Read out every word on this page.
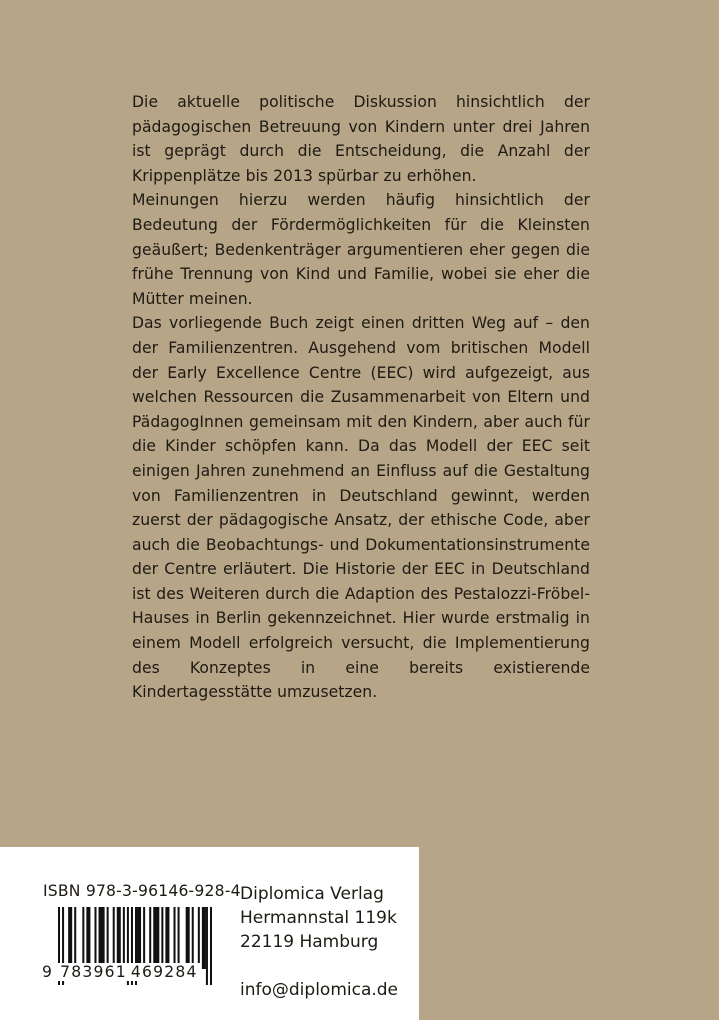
Die aktuelle politische Diskussion hinsichtlich der pädagogischen Betreuung von Kindern unter drei Jahren ist geprägt durch die Entscheidung, die Anzahl der Krippenplätze bis 2013 spürbar zu erhöhen.

Meinungen hierzu werden häufig hinsichtlich der Bedeutung der Fördermöglichkeiten für die Kleinsten geäußert; Bedenkenträger argumentieren eher gegen die frühe Trennung von Kind und Familie, wobei sie eher die Mütter meinen.

Das vorliegende Buch zeigt einen dritten Weg auf – den der Familienzentren. Ausgehend vom britischen Modell der Early Excellence Centre (EEC) wird aufgezeigt, aus welchen Ressourcen die Zusammenarbeit von Eltern und PädagogInnen gemeinsam mit den Kindern, aber auch für die Kinder schöpfen kann. Da das Modell der EEC seit einigen Jahren zunehmend an Einfluss auf die Gestaltung von Familienzentren in Deutschland gewinnt, werden zuerst der pädagogische Ansatz, der ethische Code, aber auch die Beobachtungs- und Dokumentationsinstrumente der Centre erläutert. Die Historie der EEC in Deutschland ist des Weiteren durch die Adaption des Pestalozzi-Fröbel-Hauses in Berlin gekennzeichnet. Hier wurde erstmalig in einem Modell erfolgreich versucht, die Implementierung des Konzeptes in eine bereits existierende Kindertagesstätte umzusetzen.

ISBN 978-3-96146-928-4
9 783961 469284
Diplomica Verlag
Hermannstal 119k
22119 Hamburg
info@diplomica.de
